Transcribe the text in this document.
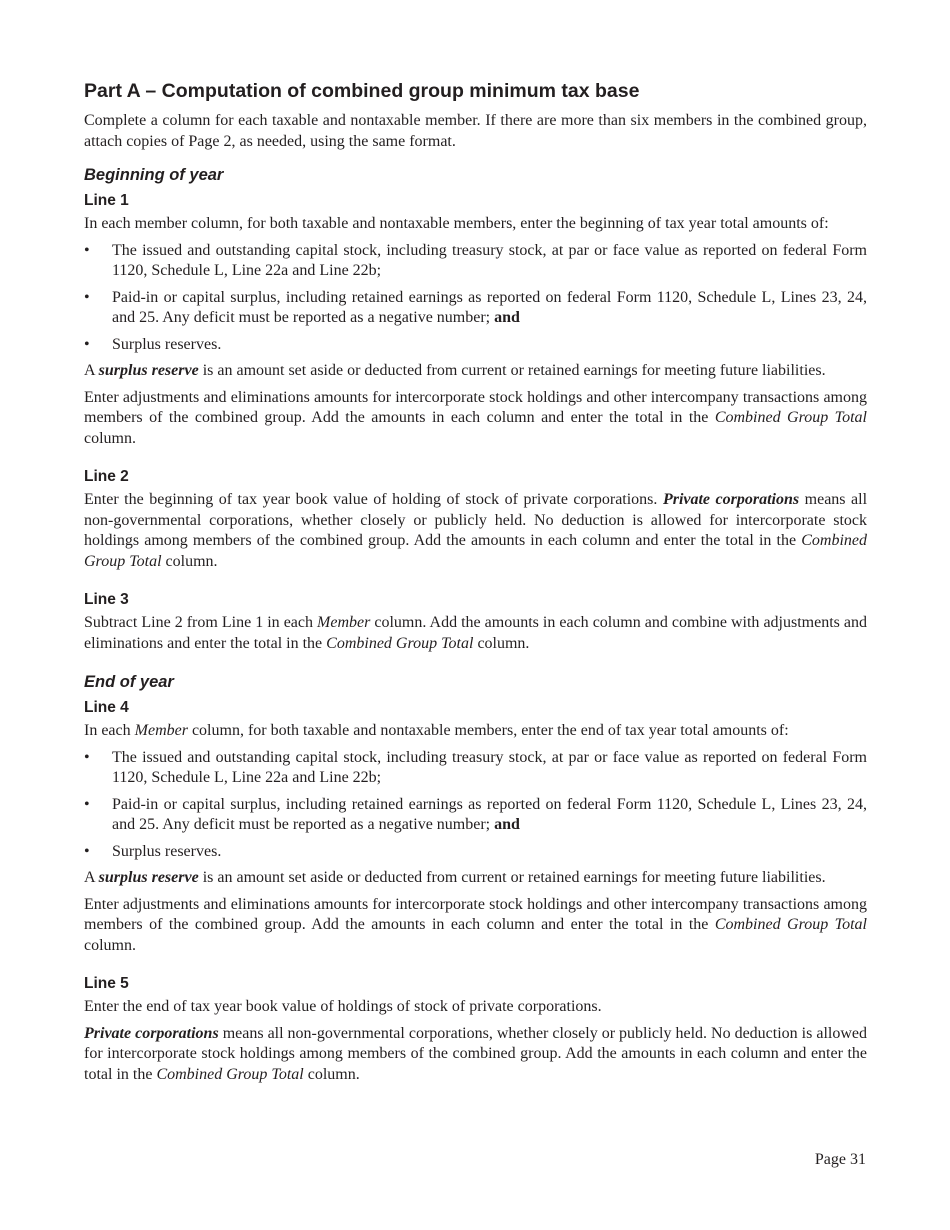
Part A – Computation of combined group minimum tax base

Complete a column for each taxable and nontaxable member. If there are more than six members in the combined group, attach copies of Page 2, as needed, using the same format.

Beginning of year
Line 1

In each member column, for both taxable and nontaxable members, enter the beginning of tax year total amounts of:

• The issued and outstanding capital stock, including treasury stock, at par or face value as reported on federal Form 1120, Schedule L, Line 22a and Line 22b;
• Paid-in or capital surplus, including retained earnings as reported on federal Form 1120, Schedule L, Lines 23, 24, and 25. Any deficit must be reported as a negative number; and
• Surplus reserves.

A surplus reserve is an amount set aside or deducted from current or retained earnings for meeting future liabilities.

Enter adjustments and eliminations amounts for intercorporate stock holdings and other intercompany transactions among members of the combined group. Add the amounts in each column and enter the total in the Combined Group Total column.

Line 2

Enter the beginning of tax year book value of holding of stock of private corporations. Private corporations means all non-governmental corporations, whether closely or publicly held. No deduction is allowed for intercorporate stock holdings among members of the combined group. Add the amounts in each column and enter the total in the Combined Group Total column.

Line 3

Subtract Line 2 from Line 1 in each Member column. Add the amounts in each column and combine with adjustments and eliminations and enter the total in the Combined Group Total column.

End of year
Line 4

In each Member column, for both taxable and nontaxable members, enter the end of tax year total amounts of:

• The issued and outstanding capital stock, including treasury stock, at par or face value as reported on federal Form 1120, Schedule L, Line 22a and Line 22b;
• Paid-in or capital surplus, including retained earnings as reported on federal Form 1120, Schedule L, Lines 23, 24, and 25. Any deficit must be reported as a negative number; and
• Surplus reserves.

A surplus reserve is an amount set aside or deducted from current or retained earnings for meeting future liabilities.

Enter adjustments and eliminations amounts for intercorporate stock holdings and other intercompany transactions among members of the combined group. Add the amounts in each column and enter the total in the Combined Group Total column.

Line 5

Enter the end of tax year book value of holdings of stock of private corporations.

Private corporations means all non-governmental corporations, whether closely or publicly held. No deduction is allowed for intercorporate stock holdings among members of the combined group. Add the amounts in each column and enter the total in the Combined Group Total column.

Page 31
